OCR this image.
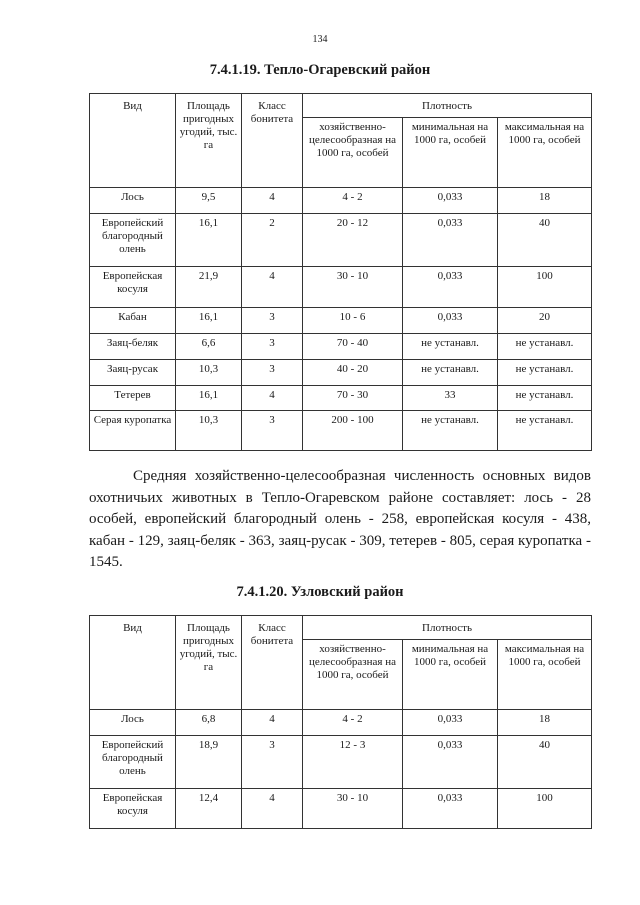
134
7.4.1.19. Тепло-Огаревский район
Вид	Площадь пригодных угодий, тыс. га	Класс бонитета	Плотность		
			хозяйственно-целесообразная на 1000 га, особей	минимальная на 1000 га, особей	максимальная на 1000 га, особей
Лось	9,5	4	4 - 2	0,033	18
Европейский благородный олень	16,1	2	20 - 12	0,033	40
Европейская косуля	21,9	4	30 - 10	0,033	100
Кабан	16,1	3	10 - 6	0,033	20
Заяц-беляк	6,6	3	70 - 40	не устанавл.	не устанавл.
Заяц-русак	10,3	3	40 - 20	не устанавл.	не устанавл.
Тетерев	16,1	4	70 - 30	33	не устанавл.
Серая куропатка	10,3	3	200 - 100	не устанавл.	не устанавл.

Средняя хозяйственно-целесообразная численность основных видов охотничьих животных в Тепло-Огаревском районе составляет: лось - 28 особей, европейский благородный олень - 258, европейская косуля - 438, кабан - 129, заяц-беляк - 363, заяц-русак - 309, тетерев - 805, серая куропатка - 1545.

7.4.1.20. Узловский район
Вид	Площадь пригодных угодий, тыс. га	Класс бонитета	Плотность		
			хозяйственно-целесообразная на 1000 га, особей	минимальная на 1000 га, особей	максимальная на 1000 га, особей
Лось	6,8	4	4 - 2	0,033	18
Европейский благородный олень	18,9	3	12 - 3	0,033	40
Европейская косуля	12,4	4	30 - 10	0,033	100
